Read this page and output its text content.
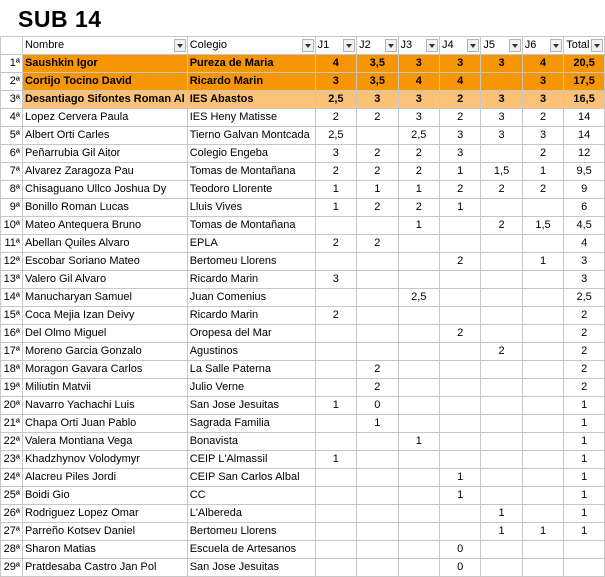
SUB 14
	Nombre	Colegio	J1	J2	J3	J4	J5	J6	Total

1ª	Saushkin Igor	Pureza de Maria	4	3,5	3	3	3	4	20,5
2ª	Cortijo Tocino David	Ricardo Marin	3	3,5	4	4		3	17,5
3ª	Desantiago Sifontes Roman Al	IES Abastos	2,5	3	3	2	3	3	16,5
4ª	Lopez Cervera Paula	IES Heny Matisse	2	2	3	2	3	2	14
5ª	Albert Orti Carles	Tierno Galvan Montcada	2,5		2,5	3	3	3	14
6ª	Peñarrubia Gil Aitor	Colegio Engeba	3	2	2	3		2	12
7ª	Alvarez Zaragoza Pau	Tomas de Montañana	2	2	2	1	1,5	1	9,5
8ª	Chisaguano Ullco Joshua Dy	Teodoro Llorente	1	1	1	2	2	2	9
9ª	Bonillo Roman Lucas	Lluis Vives	1	2	2	1			6
10ª	Mateo Antequera Bruno	Tomas de Montañana			1		2	1,5	4,5
11ª	Abellan Quiles Alvaro	EPLA	2	2					4
12ª	Escobar Soriano Mateo	Bertomeu Llorens				2		1	3
13ª	Valero Gil Alvaro	Ricardo Marin	3						3
14ª	Manucharyan Samuel	Juan Comenius			2,5				2,5
15ª	Coca Mejia Izan Deivy	Ricardo Marin	2						2
16ª	Del Olmo Miguel	Oropesa del Mar				2			2
17ª	Moreno Garcia Gonzalo	Agustinos					2		2
18ª	Moragon Gavara Carlos	La Salle Paterna		2					2
19ª	Miliutin Matvii	Julio Verne		2					2
20ª	Navarro Yachachi Luis	San Jose Jesuitas	1	0					1
21ª	Chapa Orti Juan Pablo	Sagrada Familia		1					1
22ª	Valera Montiana Vega	Bonavista			1				1
23ª	Khadzhynov Volodymyr	CEIP L'Almassil	1						1
24ª	Alacreu Piles Jordi	CEIP San Carlos Albal				1			1
25ª	Boidi Gio	CC				1			1
26ª	Rodriguez Lopez Omar	L'Albereda					1		1
27ª	Parreño Kotsev Daniel	Bertomeu Llorens					1	1	1
28ª	Sharon Matias	Escuela de Artesanos				0			
29ª	Pratdesaba Castro Jan Pol	San Jose Jesuitas				0			
